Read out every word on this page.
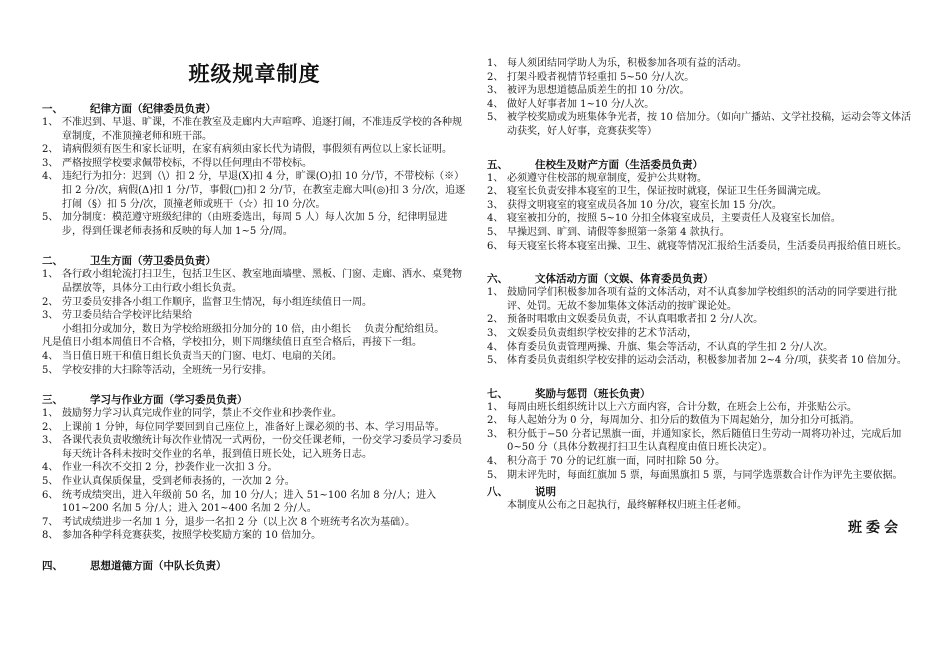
班级规章制度
一、	纪律方面（纪律委员负责）
1、 不准迟到、早退、旷课，不准在教室及走廊内大声喧哗、追逐打闹，不准违反学校的各种规章制度，不准顶撞老师和班干部。
2、 请病假须有医生和家长证明，在家有病须由家长代为请假，事假须有两位以上家长证明。
3、 严格按照学校要求佩带校标，不得以任何理由不带校标。
4、 违纪行为扣分：迟到（\）扣 2 分，早退(X)扣 4 分，旷课(O)扣 10 分/节，不带校标（※）扣 2 分/次，病假(Δ)扣 1 分/节，事假(□)扣 2 分/节，在教室走廊大叫(◎)扣 3 分/次，追逐打闹（§）扣 5 分/次，顶撞老师或班干（☆）扣 10 分/次。
5、 加分制度：模范遵守班级纪律的（由班委选出，每周 5 人）每人次加 5 分，纪律明显进步，得到任课老师表扬和反映的每人加 1~5 分/周。
二、	卫生方面（劳卫委员负责）
1、 各行政小组轮流打扫卫生，包括卫生区、教室地面墙壁、黑板、门窗、走廊、洒水、桌凳物品摆放等，具体分工由行政小组长负责。
2、 劳卫委员安排各小组工作顺序，监督卫生情况，每小组连续值日一周。
3、 劳卫委员结合学校评比结果给
小组扣分或加分，数日为学校给班级扣分加分的 10 倍，由小组长　 负责分配给组员。
凡是值日小组本周值日不合格，学校扣分，则下周继续值日直至合格后，再接下一组。
4、 当日值日班干和值日组长负责当天的门窗、电灯、电扇的关闭。
5、 学校安排的大扫除等活动，全班统一另行安排。
三、	学习与作业方面（学习委员负责）
1、 鼓励努力学习认真完成作业的同学，禁止不交作业和抄袭作业。
2、 上课前 1 分钟，每位同学要回到自己座位上，准备好上课必须的书、本、学习用品等。
3、 各课代表负责收缴统计每次作业情况一式两份，一份交任课老师，一份交学习委员学习委员每天统计各科未按时交作业的名单，报到值日班长处，记入班务日志。
4、 作业一科次不交扣 2 分，抄袭作业一次扣 3 分。
5、 作业认真保质保量，受到老师表扬的，一次加 2 分。
6、 统考成绩突出，进入年级前 50 名，加 10 分/人；进入 51~100 名加 8 分/人；进入 101~200 名加 5 分/人；进入 201~400 名加 2 分/人。
7、 考试成绩进步一名加 1 分，退步一名扣 2 分（以上次 8 个班统考名次为基础）。
8、 参加各种学科竞赛获奖，按照学校奖励方案的 10 倍加分。
四、	思想道德方面（中队长负责）
1、 每人须团结同学助人为乐，积极参加各项有益的活动。
2、 打架斗殴者视情节轻重扣 5~50 分/人次。
3、 被评为思想道德品质差生的扣 10 分/次。
4、 做好人好事者加 1~10 分/人次。
5、 被学校奖励或为班集体争光者，按 10 倍加分。（如向广播站、文学社投稿，运动会等文体活动获奖，好人好事，竞赛获奖等）
五、	住校生及财产方面（生活委员负责）
1、 必须遵守住校部的规章制度，爱护公共财物。
2、 寝室长负责安排本寝室的卫生，保证按时就寝，保证卫生任务圆满完成。
3、 获得文明寝室的寝室成员各加 10 分/次，寝室长加 15 分/次。
4、 寝室被扣分的，按照 5~10 分扣全体寝室成员，主要责任人及寝室长加倍。
5、 早操迟到、旷到、请假等参照第一条第 4 款执行。
6、 每天寝室长将本寝室出操、卫生、就寝等情况汇报给生活委员，生活委员再报给值日班长。
六、	文体活动方面（文娱、体育委员负责）
1、 鼓励同学们积极参加各项有益的文体活动，对不认真参加学校组织的活动的同学要进行批评、处罚。无故不参加集体文体活动的按旷课论处。
2、 预备时唱歌由文娱委员负责，不认真唱歌者扣 2 分/人次。
3、 文娱委员负责组织学校安排的艺术节活动，
4、 体育委员负责管理两操、升旗、集会等活动，不认真的学生扣 2 分/人次。
5、 体育委员负责组织学校安排的运动会活动，积极参加者加 2~4 分/项，获奖者 10 倍加分。
七、	奖励与惩罚（班长负责）
1、 每周由班长组织统计以上六方面内容，合计分数，在班会上公布，并张贴公示。
2、 每人起始分为 0 分，每周加分、扣分后的数值为下周起始分，加分扣分可抵消。
3、 积分低于−50 分者记黑旗一面，并通知家长，然后随值日生劳动一周将功补过，完成后加 0~50 分（具体分数视打扫卫生认真程度由值日班长决定）。
4、 积分高于 70 分的记红旗一面，同时扣除 50 分。
5、 期末评先时，每面红旗加 5 票，每面黑旗扣 5 票，与同学选票数合计作为评先主要依据。
八、	说明
本制度从公布之日起执行，最终解释权归班主任老师。
班委会
